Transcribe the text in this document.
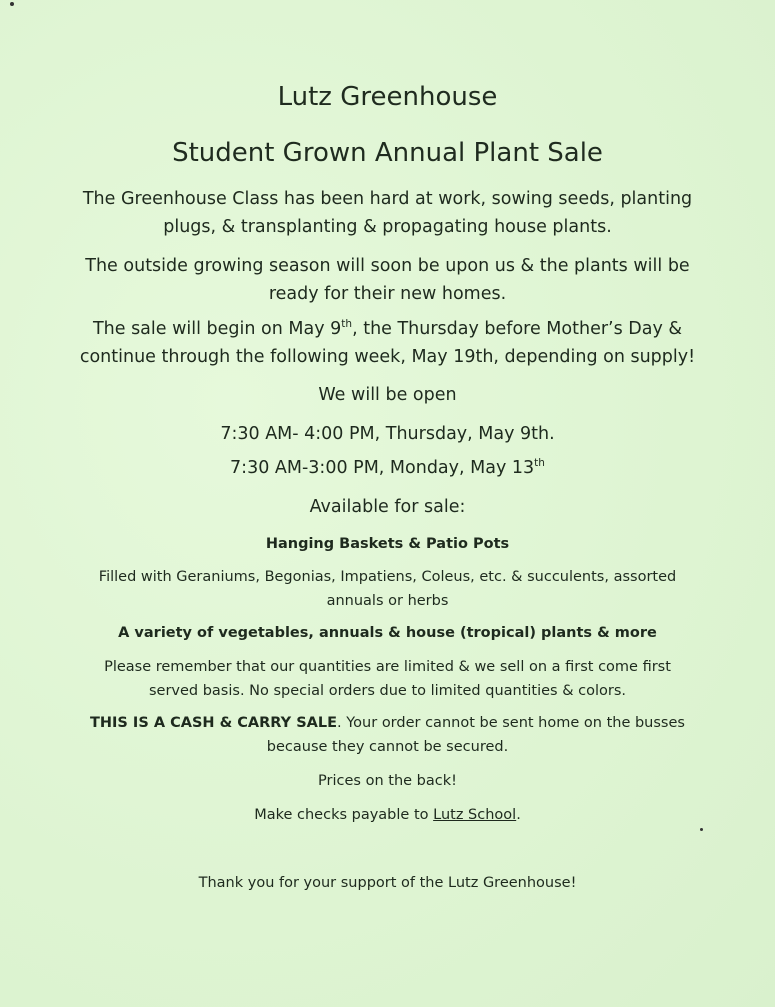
Lutz Greenhouse

Student Grown Annual Plant Sale

The Greenhouse Class has been hard at work, sowing seeds, planting

plugs, & transplanting & propagating house plants.

The outside growing season will soon be upon us & the plants will be

ready for their new homes.

The sale will begin on May 9th, the Thursday before Mother’s Day &

continue through the following week, May 19th, depending on supply!

We will be open

7:30 AM- 4:00 PM, Thursday, May 9th.

7:30 AM-3:00 PM, Monday, May 13th

Available for sale:

Hanging Baskets & Patio Pots

Filled with Geraniums, Begonias, Impatiens, Coleus, etc. & succulents, assorted

annuals or herbs

A variety of vegetables, annuals & house (tropical) plants & more

Please remember that our quantities are limited & we sell on a first come first

served basis. No special orders due to limited quantities & colors.

THIS IS A CASH & CARRY SALE. Your order cannot be sent home on the busses

because they cannot be secured.

Prices on the back!

Make checks payable to Lutz School.

Thank you for your support of the Lutz Greenhouse!
